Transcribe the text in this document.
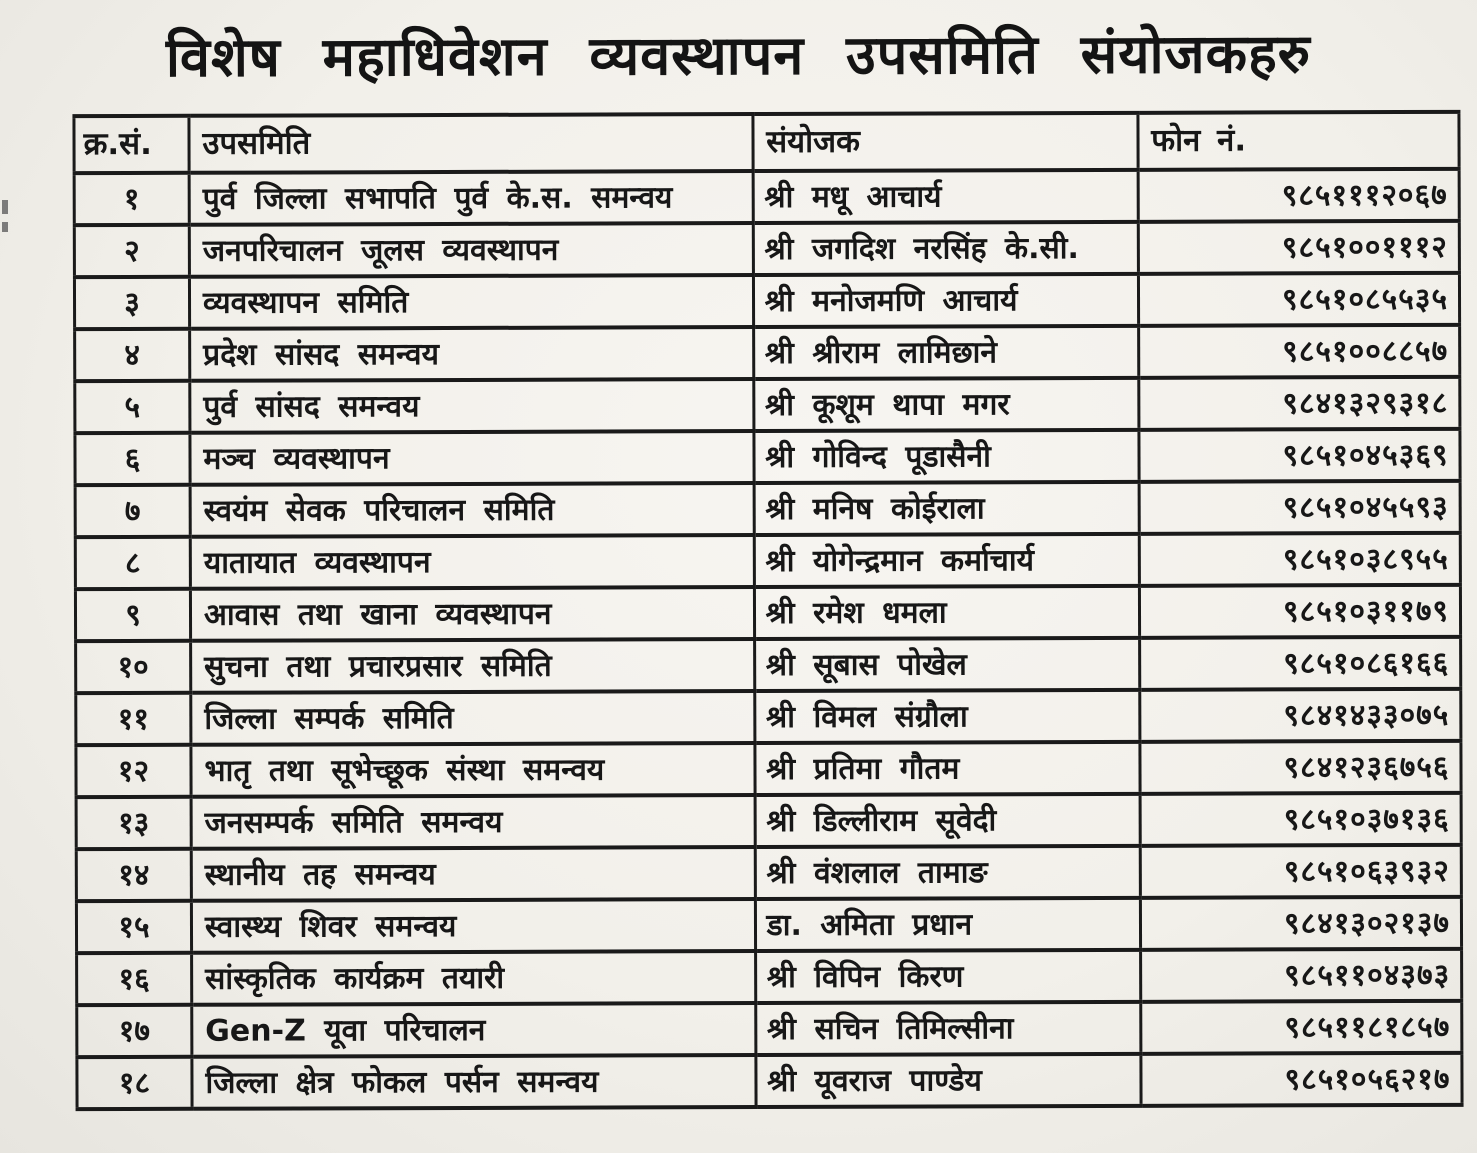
विशेष महाधिवेशन व्यवस्थापन उपसमिति संयोजकहरु
क्र.सं.	उपसमिति	संयोजक	फोन नं.
१	पुर्व जिल्ला सभापति पुर्व के.स. समन्वय	श्री मधू आचार्य	९८५१११२०६७
२	जनपरिचालन जूलस व्यवस्थापन	श्री जगदिश नरसिंह के.सी.	९८५१००१११२
३	व्यवस्थापन समिति	श्री मनोजमणि आचार्य	९८५१०८५५३५
४	प्रदेश सांसद समन्वय	श्री श्रीराम लामिछाने	९८५१००८८५७
५	पुर्व सांसद समन्वय	श्री कूशूम थापा मगर	९८४१३२९३१८
६	मञ्च व्यवस्थापन	श्री गोविन्द पूडासैनी	९८५१०४५३६९
७	स्वयंम सेवक परिचालन समिति	श्री मनिष कोईराला	९८५१०४५५९३
८	यातायात व्यवस्थापन	श्री योगेन्द्रमान कर्माचार्य	९८५१०३८९५५
९	आवास तथा खाना व्यवस्थापन	श्री रमेश धमला	९८५१०३११७९
१०	सुचना तथा प्रचारप्रसार समिति	श्री सूबास पोखेल	९८५१०८६१६६
११	जिल्ला सम्पर्क समिति	श्री विमल संग्रौला	९८४१४३३०७५
१२	भातृ तथा सूभेच्छूक संस्था समन्वय	श्री प्रतिमा गौतम	९८४१२३६७५६
१३	जनसम्पर्क समिति समन्वय	श्री डिल्लीराम सूवेदी	९८५१०३७१३६
१४	स्थानीय तह समन्वय	श्री वंशलाल तामाङ	९८५१०६३९३२
१५	स्वास्थ्य शिवर समन्वय	डा. अमिता प्रधान	९८४१३०२१३७
१६	सांस्कृतिक कार्यक्रम तयारी	श्री विपिन किरण	९८५११०४३७३
१७	Gen-Z यूवा परिचालन	श्री सचिन तिमिल्सीना	९८५११८१८५७
१८	जिल्ला क्षेत्र फोकल पर्सन समन्वय	श्री यूवराज पाण्डेय	९८५१०५६२१७
